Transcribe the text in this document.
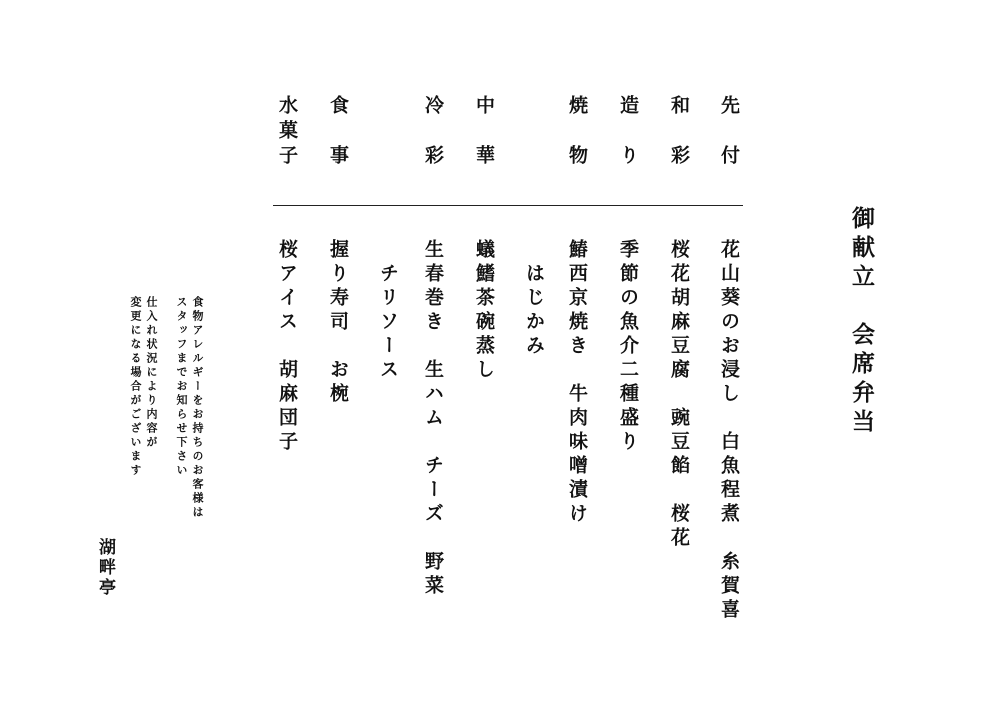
御献立　会席弁当
先　付
和　彩
造　り
焼　物
中　華
冷　彩
食　事
水菓子
花山葵のお浸し　白魚程煮　糸賀喜
桜花胡麻豆腐　豌豆餡　桜花
季節の魚介二種盛り
鰆西京焼き　牛肉味噌漬け
　はじかみ
蟻鰭茶碗蒸し
生春巻き　生ハム　チーズ　野菜
　チリソース
握り寿司　お椀
桜アイス　胡麻団子
食物アレルギーをお持ちのお客様は
スタッフまでお知らせ下さい
仕入れ状況により内容が
変更になる場合がございます
湖畔亭
